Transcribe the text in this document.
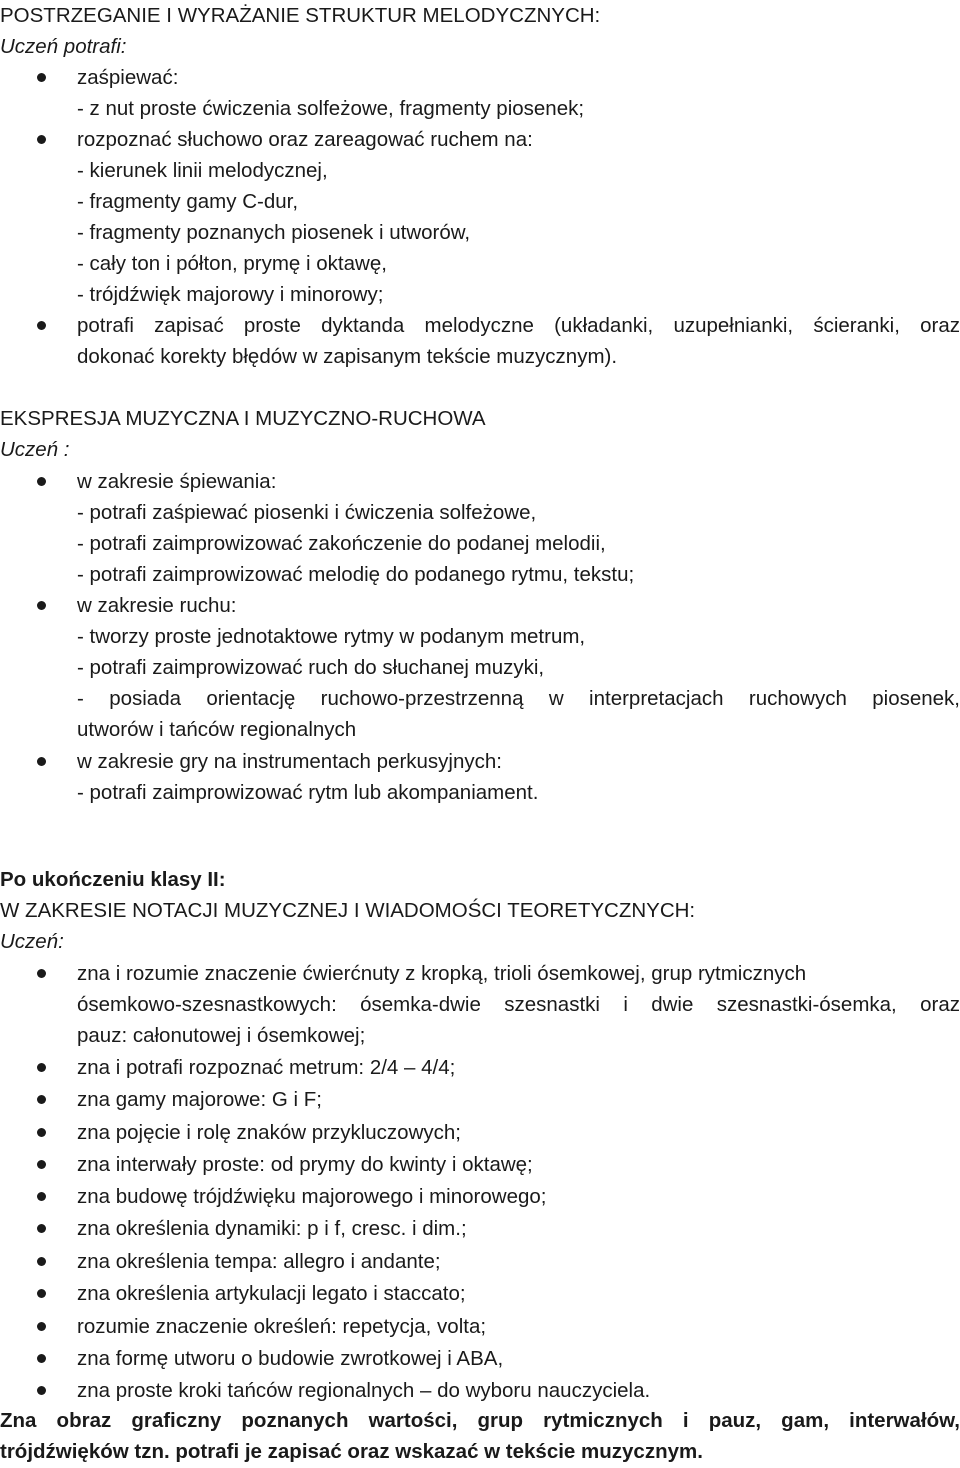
POSTRZEGANIE I WYRAŻANIE STRUKTUR MELODYCZNYCH:
Uczeń potrafi:
zaśpiewać:
- z nut proste ćwiczenia solfeżowe, fragmenty piosenek;
rozpoznać słuchowo oraz zareagować ruchem na:
- kierunek linii melodycznej,
- fragmenty gamy C-dur,
- fragmenty poznanych piosenek i utworów,
- cały ton i półton, prymę i oktawę,
- trójdźwięk majorowy i minorowy;
potrafi zapisać proste dyktanda melodyczne (układanki, uzupełnianki, ścieranki, oraz
dokonać korekty błędów w zapisanym tekście muzycznym).
EKSPRESJA MUZYCZNA I MUZYCZNO-RUCHOWA
Uczeń :
w zakresie śpiewania:
- potrafi zaśpiewać piosenki i ćwiczenia solfeżowe,
- potrafi zaimprowizować zakończenie do podanej melodii,
- potrafi zaimprowizować melodię do podanego rytmu, tekstu;
w zakresie ruchu:
- tworzy proste jednotaktowe rytmy w podanym metrum,
- potrafi zaimprowizować ruch do słuchanej muzyki,
- posiada orientację ruchowo-przestrzenną w interpretacjach ruchowych piosenek,
utworów i tańców regionalnych
w zakresie gry na instrumentach perkusyjnych:
- potrafi zaimprowizować rytm lub akompaniament.
Po ukończeniu klasy II:
W ZAKRESIE NOTACJI MUZYCZNEJ I WIADOMOŚCI TEORETYCZNYCH:
Uczeń:
zna i rozumie znaczenie ćwierćnuty z kropką, trioli ósemkowej, grup rytmicznych
ósemkowo-szesnastkowych: ósemka-dwie szesnastki i dwie szesnastki-ósemka, oraz
pauz: całonutowej i ósemkowej;
zna i potrafi rozpoznać metrum: 2/4 – 4/4;
zna gamy majorowe: G i F;
zna pojęcie i rolę znaków przykluczowych;
zna interwały proste: od prymy do kwinty i oktawę;
zna budowę trójdźwięku majorowego i minorowego;
zna określenia dynamiki: p i f, cresc. i dim.;
zna określenia tempa: allegro i andante;
zna określenia artykulacji legato i staccato;
rozumie znaczenie określeń: repetycja, volta;
zna formę utworu o budowie zwrotkowej i ABA,
zna proste kroki tańców regionalnych – do wyboru nauczyciela.
Zna obraz graficzny poznanych wartości, grup rytmicznych i pauz, gam, interwałów,
trójdźwięków tzn. potrafi je zapisać oraz wskazać w tekście muzycznym.
